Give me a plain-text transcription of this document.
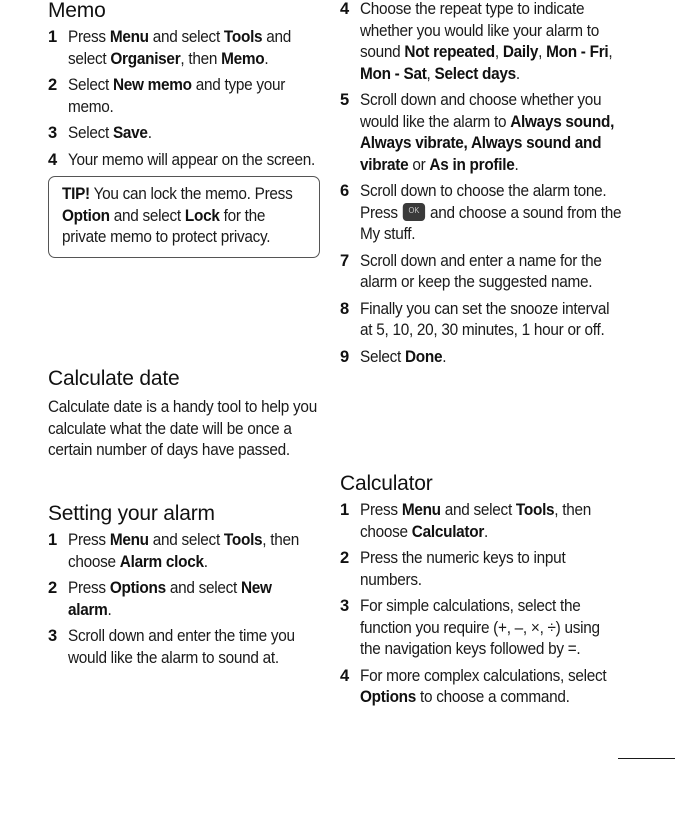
Memo
1 Press Menu and select Tools and select Organiser, then Memo.
2 Select New memo and type your memo.
3 Select Save.
4 Your memo will appear on the screen.
TIP! You can lock the memo. Press Option and select Lock for the private memo to protect privacy.
Calculate date

Calculate date is a handy tool to help you calculate what the date will be once a certain number of days have passed.

Setting your alarm
1 Press Menu and select Tools, then choose Alarm clock.
2 Press Options and select New alarm.
3 Scroll down and enter the time you would like the alarm to sound at.
4 Choose the repeat type to indicate whether you would like your alarm to sound Not repeated, Daily, Mon - Fri, Mon - Sat, Select days.
5 Scroll down and choose whether you would like the alarm to Always sound, Always vibrate, Always sound and vibrate or As in profile.
6 Scroll down to choose the alarm tone. Press OK and choose a sound from the My stuff.
7 Scroll down and enter a name for the alarm or keep the suggested name.
8 Finally you can set the snooze interval at 5, 10, 20, 30 minutes, 1 hour or off.
9 Select Done.
Calculator
1 Press Menu and select Tools, then choose Calculator.
2 Press the numeric keys to input numbers.
3 For simple calculations, select the function you require (+, –, ×, ÷) using the navigation keys followed by =.
4 For more complex calculations, select Options to choose a command.
